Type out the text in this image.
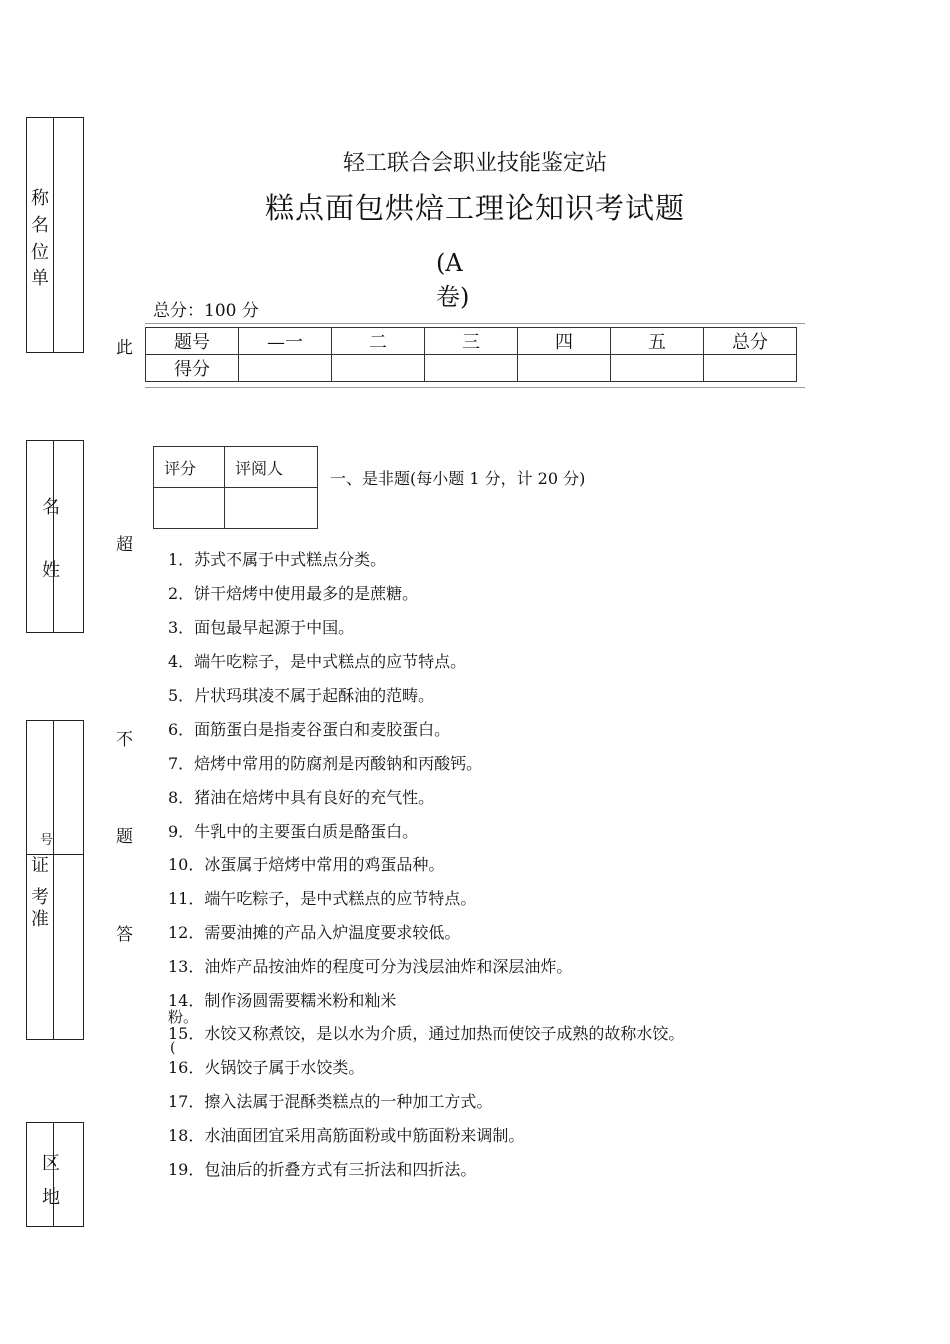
称
名
位
单
名
姓
号
证
考
准
区
地
此
超
不
题
答
轻工联合会职业技能鉴定站
糕点面包烘焙工理论知识考试题
(A
卷)
总分：100 分
题号	—一	二	三	四	五	总分
得分						
评分	评阅人

一、是非题(每小题 1 分，计 20 分)
1．苏式不属于中式糕点分类。
2．饼干焙烤中使用最多的是蔗糖。
3．面包最早起源于中国。
4．端午吃粽子，是中式糕点的应节特点。
5．片状玛琪凌不属于起酥油的范畴。
6．面筋蛋白是指麦谷蛋白和麦胶蛋白。
7．焙烤中常用的防腐剂是丙酸钠和丙酸钙。
8．猪油在焙烤中具有良好的充气性。
9．牛乳中的主要蛋白质是酪蛋白。
10．冰蛋属于焙烤中常用的鸡蛋品种。
11．端午吃粽子，是中式糕点的应节特点。
12．需要油摊的产品入炉温度要求较低。
13．油炸产品按油炸的程度可分为浅层油炸和深层油炸。
14．制作汤圆需要糯米粉和籼米
粉。
15．水饺又称煮饺，是以水为介质，通过加热而使饺子成熟的故称水饺。
(
16．火锅饺子属于水饺类。
17．擦入法属于混酥类糕点的一种加工方式。
18．水油面团宜采用高筋面粉或中筋面粉来调制。
19．包油后的折叠方式有三折法和四折法。
